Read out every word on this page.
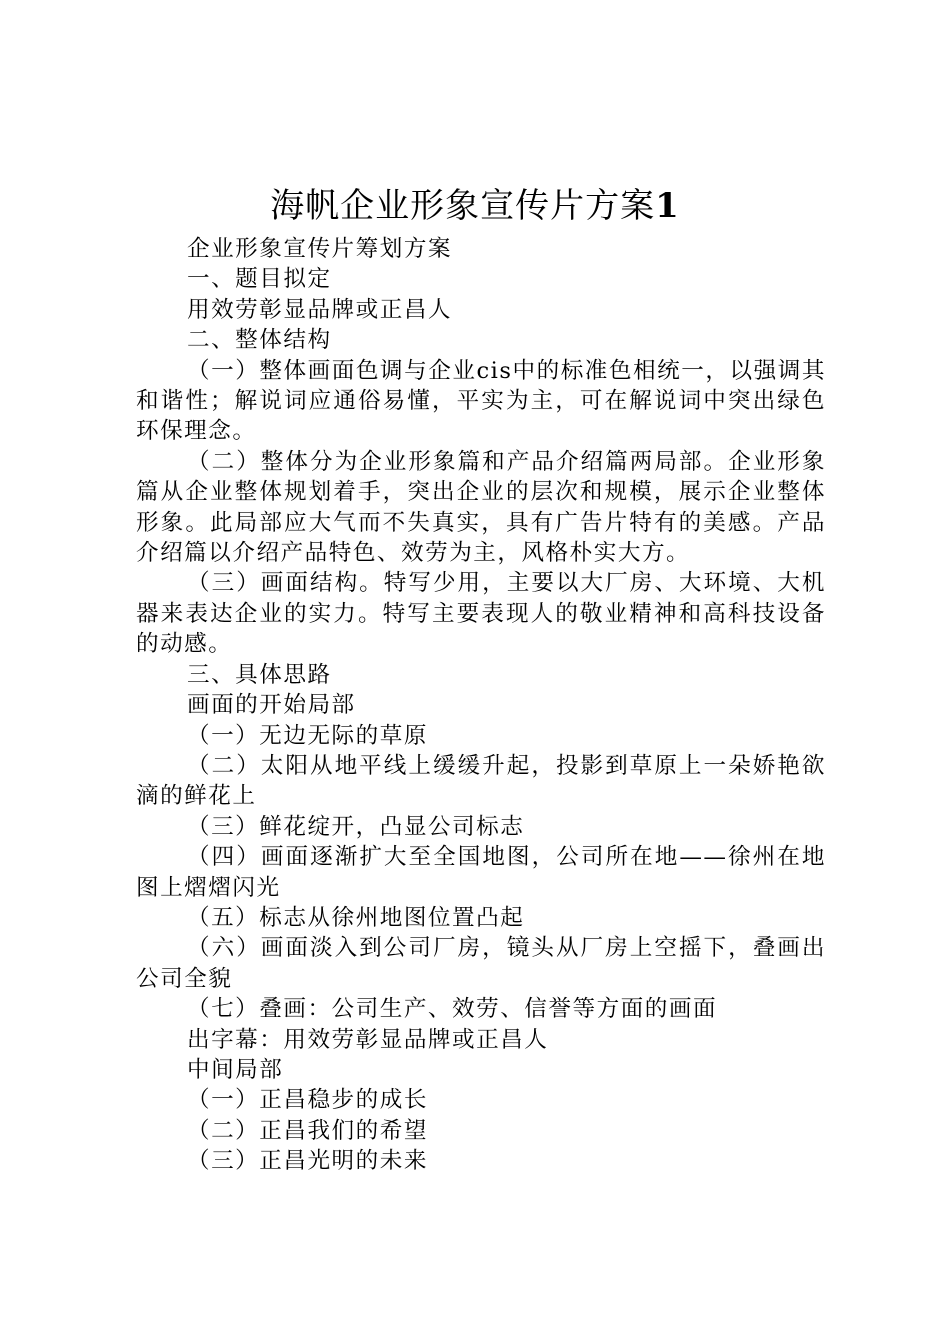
海帆企业形象宣传片方案1

企业形象宣传片筹划方案

一、题目拟定

用效劳彰显品牌或正昌人

二、整体结构

（一）整体画面色调与企业cis中的标准色相统一，以强调其和谐性；解说词应通俗易懂，平实为主，可在解说词中突出绿色环保理念。

（二）整体分为企业形象篇和产品介绍篇两局部。企业形象篇从企业整体规划着手，突出企业的层次和规模，展示企业整体形象。此局部应大气而不失真实，具有广告片特有的美感。产品介绍篇以介绍产品特色、效劳为主，风格朴实大方。

（三）画面结构。特写少用，主要以大厂房、大环境、大机器来表达企业的实力。特写主要表现人的敬业精神和高科技设备的动感。

三、具体思路

画面的开始局部

（一）无边无际的草原

（二）太阳从地平线上缓缓升起，投影到草原上一朵娇艳欲滴的鲜花上

（三）鲜花绽开，凸显公司标志

（四）画面逐渐扩大至全国地图，公司所在地——徐州在地图上熠熠闪光

（五）标志从徐州地图位置凸起

（六）画面淡入到公司厂房，镜头从厂房上空摇下，叠画出公司全貌

（七）叠画：公司生产、效劳、信誉等方面的画面

出字幕：用效劳彰显品牌或正昌人

中间局部

（一）正昌稳步的成长

（二）正昌我们的希望

（三）正昌光明的未来
